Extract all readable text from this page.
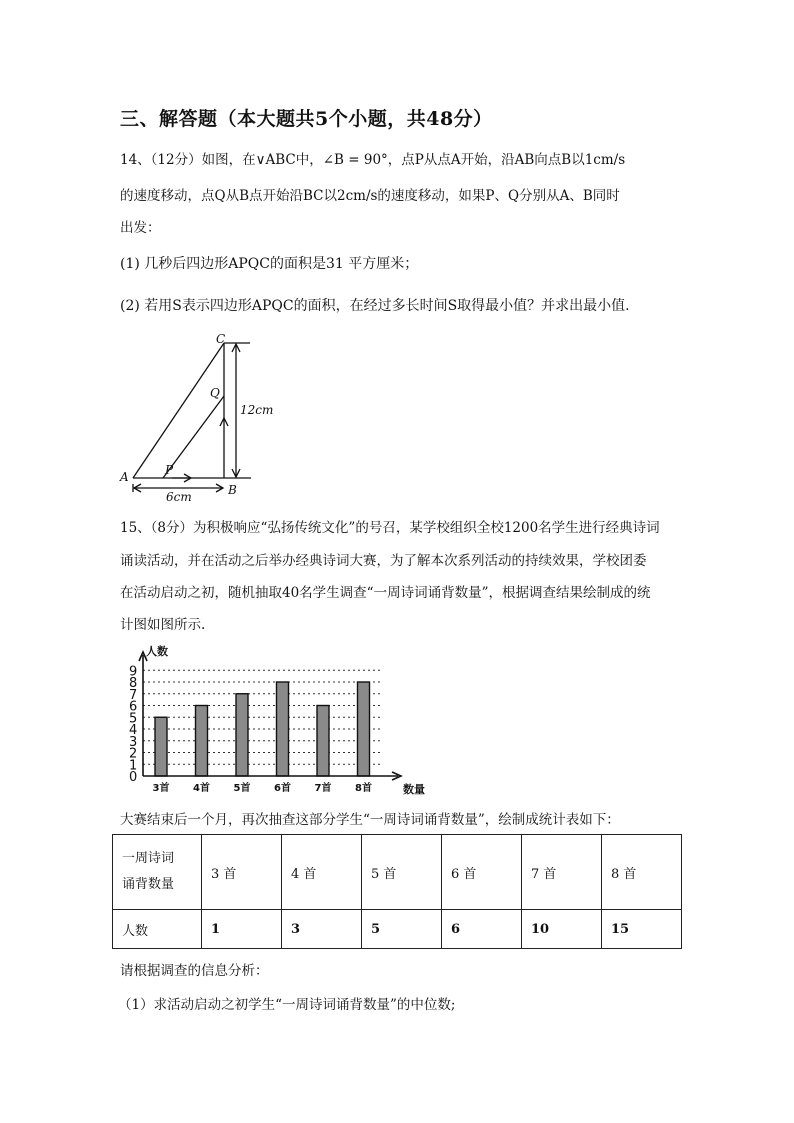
三、解答题（本大题共5个小题，共48分）
14、（12分）如图，在∨ABC中，∠B = 90°，点P从点A开始，沿AB向点B以1cm/s
的速度移动，点Q从B点开始沿BC以2cm/s的速度移动，如果P、Q分别从A、B同时
出发：
(1) 几秒后四边形APQC的面积是31 平方厘米；
(2) 若用S表示四边形APQC的面积，在经过多长时间S取得最小值？并求出最小值.
C
Q
A	P
B
12cm
6cm
15、（8分）为积极响应“弘扬传统文化”的号召，某学校组织全校1200名学生进行经典诗词
诵读活动，并在活动之后举办经典诗词大赛，为了解本次系列活动的持续效果，学校团委
在活动启动之初，随机抽取40名学生调查“一周诗词诵背数量”，根据调查结果绘制成的统
计图如图所示.
0
1
2
3
4
5
6
7
8
9
3首 4首 5首 6首 7首 8首
人数
数量
大赛结束后一个月，再次抽查这部分学生“一周诗词诵背数量”，绘制成统计表如下：
一周诗词
诵背数量	3 首	4 首	5 首	6 首	7 首	8 首
人数	1	3	5	6	10	15
请根据调查的信息分析：
（1）求活动启动之初学生“一周诗词诵背数量”的中位数;
